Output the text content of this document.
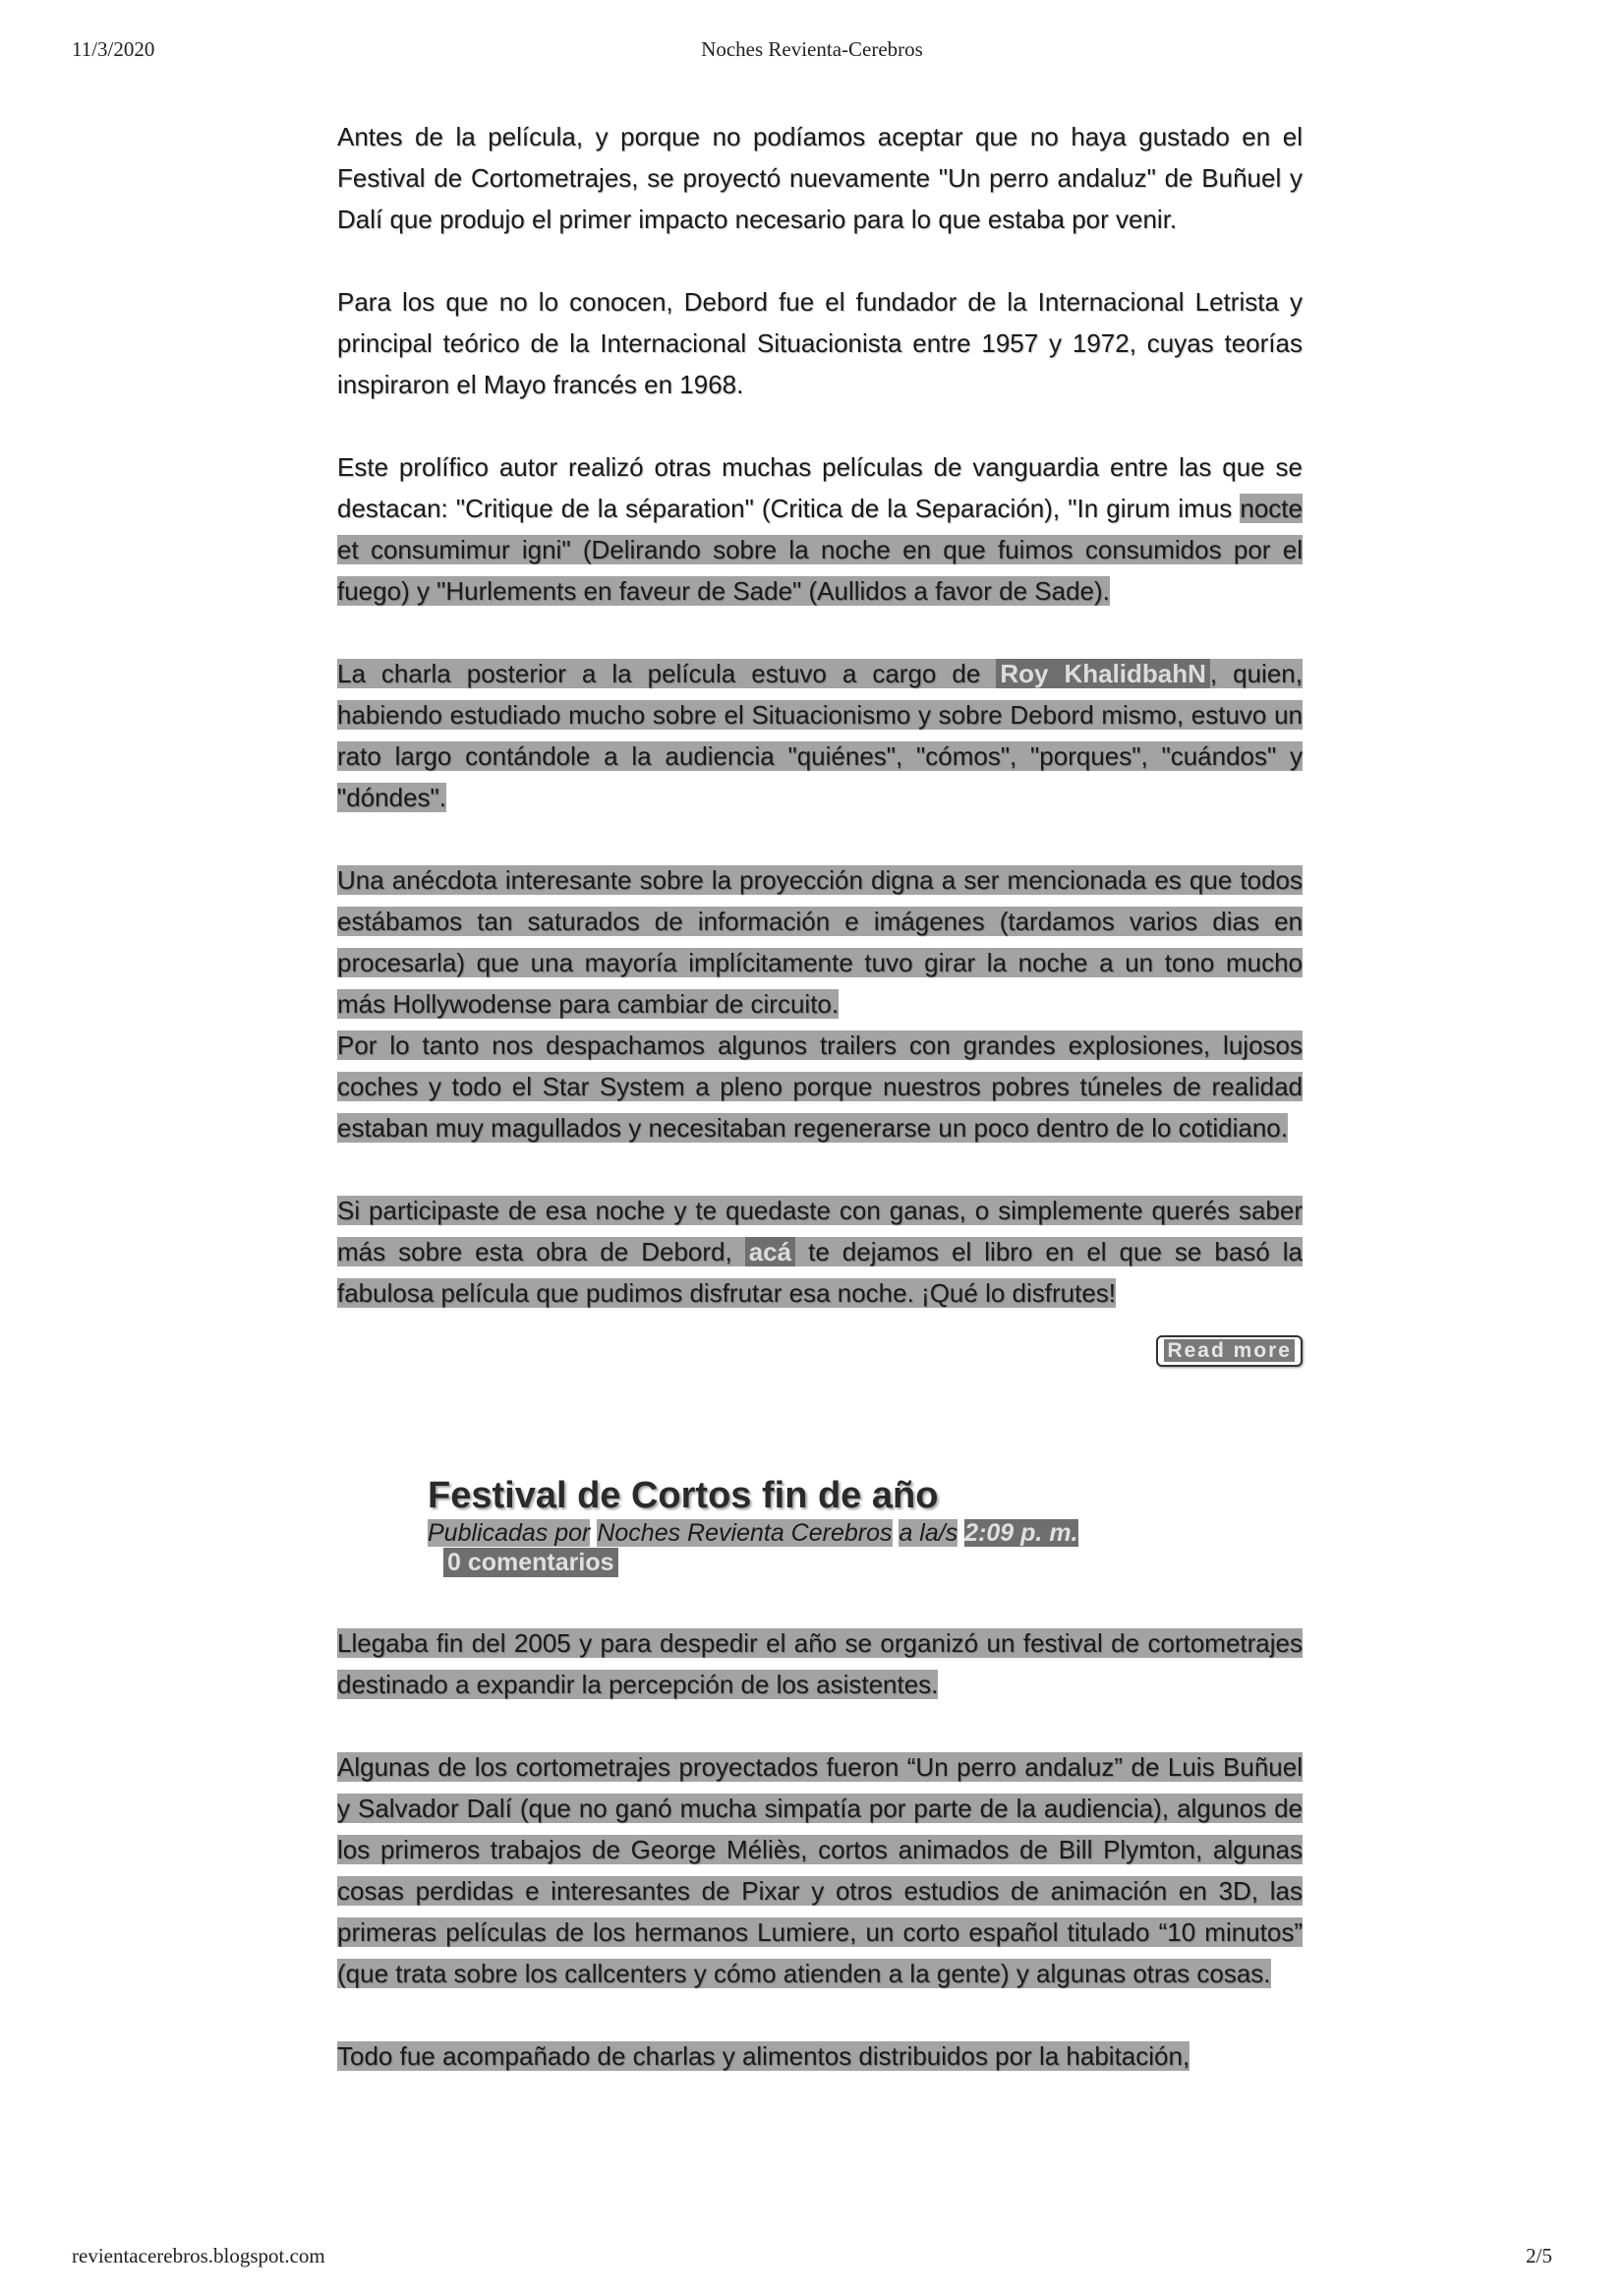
11/3/2020	Noches Revienta-Cerebros

Antes de la película, y porque no podíamos aceptar que no haya gustado en el Festival de Cortometrajes, se proyectó nuevamente "Un perro andaluz" de Buñuel y Dalí que produjo el primer impacto necesario para lo que estaba por venir.

Para los que no lo conocen, Debord fue el fundador de la Internacional Letrista y principal teórico de la Internacional Situacionista entre 1957 y 1972, cuyas teorías inspiraron el Mayo francés en 1968.

Este prolífico autor realizó otras muchas películas de vanguardia entre las que se destacan: "Critique de la séparation" (Critica de la Separación), "In girum imus nocte et consumimur igni" (Delirando sobre la noche en que fuimos consumidos por el fuego) y "Hurlements en faveur de Sade" (Aullidos a favor de Sade).

La charla posterior a la película estuvo a cargo de Roy KhalidbahN , quien, habiendo estudiado mucho sobre el Situacionismo y sobre Debord mismo, estuvo un rato largo contándole a la audiencia "quiénes", "cómos", "porques", "cuándos" y "dóndes".

Una anécdota interesante sobre la proyección digna a ser mencionada es que todos estábamos tan saturados de información e imágenes (tardamos varios dias en procesarla) que una mayoría implícitamente tuvo girar la noche a un tono mucho más Hollywodense para cambiar de circuito.

Por lo tanto nos despachamos algunos trailers con grandes explosiones, lujosos coches y todo el Star System a pleno porque nuestros pobres túneles de realidad estaban muy magullados y necesitaban regenerarse un poco dentro de lo cotidiano.

Si participaste de esa noche y te quedaste con ganas, o simplemente querés saber más sobre esta obra de Debord, acá te dejamos el libro en el que se basó la fabulosa película que pudimos disfrutar esa noche. ¡Qué lo disfrutes!

Read more
Festival de Cortos fin de año
Publicadas por Noches Revienta Cerebros a la/s 2:09 p. m.
0 comentarios

Llegaba fin del 2005 y para despedir el año se organizó un festival de cortometrajes destinado a expandir la percepción de los asistentes.

Algunas de los cortometrajes proyectados fueron “Un perro andaluz” de Luis Buñuel y Salvador Dalí (que no ganó mucha simpatía por parte de la audiencia), algunos de los primeros trabajos de George Méliès, cortos animados de Bill Plymton, algunas cosas perdidas e interesantes de Pixar y otros estudios de animación en 3D, las primeras películas de los hermanos Lumiere, un corto español titulado “10 minutos” (que trata sobre los callcenters y cómo atienden a la gente) y algunas otras cosas.

Todo fue acompañado de charlas y alimentos distribuidos por la habitación,

revientacerebros.blogspot.com	2/5
